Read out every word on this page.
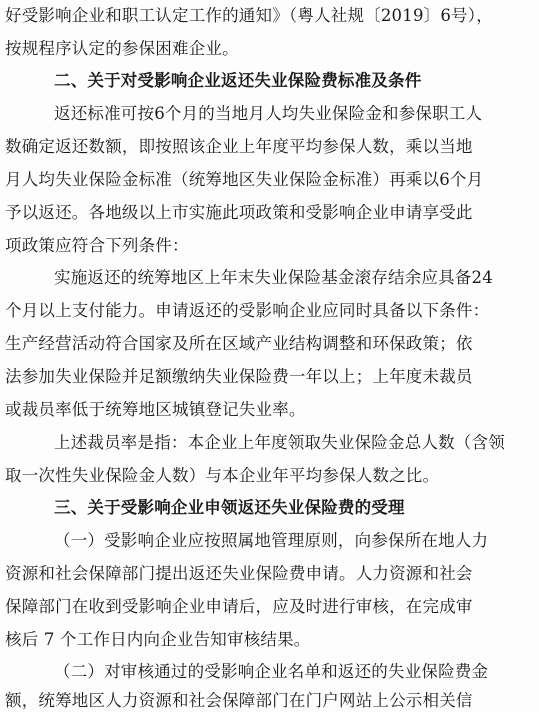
好受影响企业和职工认定工作的通知》（粤人社规〔2019〕6号），
按规程序认定的参保困难企业。
二、关于对受影响企业返还失业保险费标准及条件
返还标准可按6个月的当地月人均失业保险金和参保职工人
数确定返还数额，即按照该企业上年度平均参保人数，乘以当地
月人均失业保险金标准（统筹地区失业保险金标准）再乘以6个月
予以返还。各地级以上市实施此项政策和受影响企业申请享受此
项政策应符合下列条件：
实施返还的统筹地区上年末失业保险基金滚存结余应具备24
个月以上支付能力。申请返还的受影响企业应同时具备以下条件：
生产经营活动符合国家及所在区域产业结构调整和环保政策；依
法参加失业保险并足额缴纳失业保险费一年以上；上年度未裁员
或裁员率低于统筹地区城镇登记失业率。
上述裁员率是指：本企业上年度领取失业保险金总人数（含领
取一次性失业保险金人数）与本企业年平均参保人数之比。
三、关于受影响企业申领返还失业保险费的受理
（一）受影响企业应按照属地管理原则，向参保所在地人力
资源和社会保障部门提出返还失业保险费申请。人力资源和社会
保障部门在收到受影响企业申请后，应及时进行审核，在完成审
核后 7 个工作日内向企业告知审核结果。
（二）对审核通过的受影响企业名单和返还的失业保险费金
额，统筹地区人力资源和社会保障部门在门户网站上公示相关信
